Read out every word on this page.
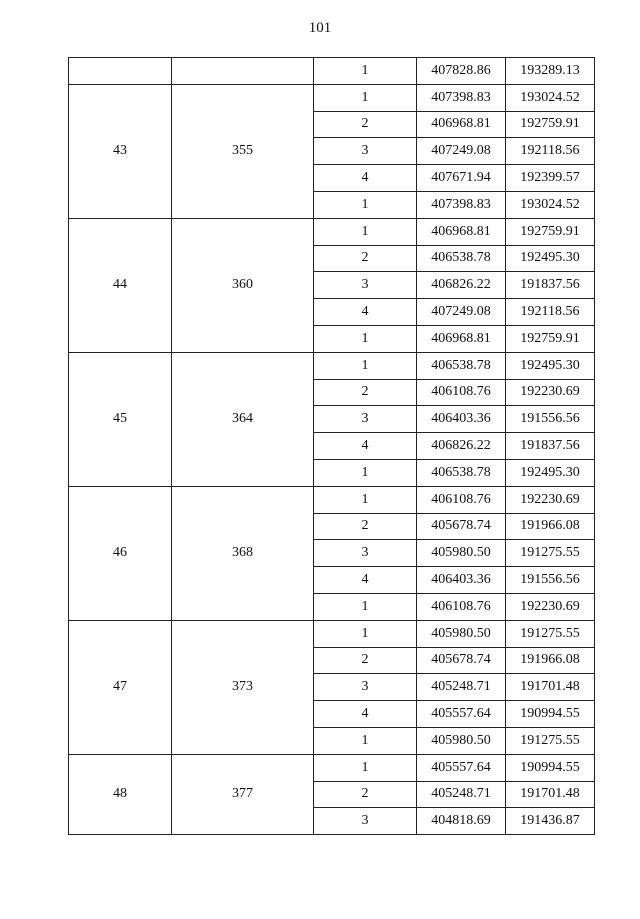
101
		1	407828.86	193289.13
43	355	1	407398.83	193024.52
		2	406968.81	192759.91
		3	407249.08	192118.56
		4	407671.94	192399.57
		1	407398.83	193024.52
44	360	1	406968.81	192759.91
		2	406538.78	192495.30
		3	406826.22	191837.56
		4	407249.08	192118.56
		1	406968.81	192759.91
45	364	1	406538.78	192495.30
		2	406108.76	192230.69
		3	406403.36	191556.56
		4	406826.22	191837.56
		1	406538.78	192495.30
46	368	1	406108.76	192230.69
		2	405678.74	191966.08
		3	405980.50	191275.55
		4	406403.36	191556.56
		1	406108.76	192230.69
47	373	1	405980.50	191275.55
		2	405678.74	191966.08
		3	405248.71	191701.48
		4	405557.64	190994.55
		1	405980.50	191275.55
48	377	1	405557.64	190994.55
		2	405248.71	191701.48
		3	404818.69	191436.87
